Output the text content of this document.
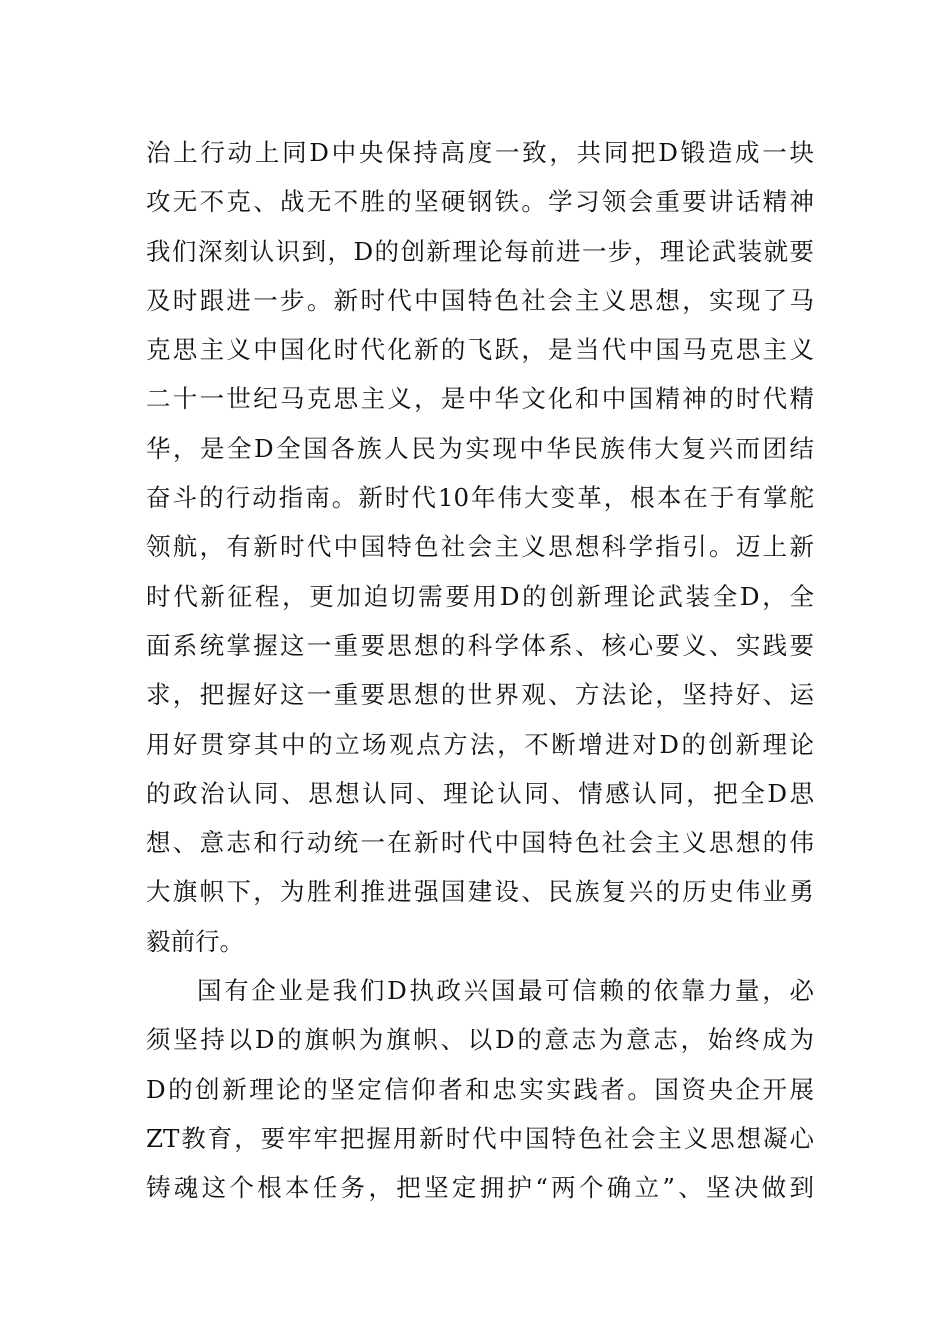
治上行动上同D中央保持高度一致，共同把D锻造成一块
攻无不克、战无不胜的坚硬钢铁。学习领会重要讲话精神
我们深刻认识到，D的创新理论每前进一步，理论武装就要
及时跟进一步。新时代中国特色社会主义思想，实现了马
克思主义中国化时代化新的飞跃，是当代中国马克思主义
二十一世纪马克思主义，是中华文化和中国精神的时代精
华，是全D全国各族人民为实现中华民族伟大复兴而团结
奋斗的行动指南。新时代10年伟大变革，根本在于有掌舵
领航，有新时代中国特色社会主义思想科学指引。迈上新
时代新征程，更加迫切需要用D的创新理论武装全D，全
面系统掌握这一重要思想的科学体系、核心要义、实践要
求，把握好这一重要思想的世界观、方法论，坚持好、运
用好贯穿其中的立场观点方法，不断增进对D的创新理论
的政治认同、思想认同、理论认同、情感认同，把全D思
想、意志和行动统一在新时代中国特色社会主义思想的伟
大旗帜下，为胜利推进强国建设、民族复兴的历史伟业勇
毅前行。

国有企业是我们D执政兴国最可信赖的依靠力量，必
须坚持以D的旗帜为旗帜、以D的意志为意志，始终成为
D的创新理论的坚定信仰者和忠实实践者。国资央企开展
ZT教育，要牢牢把握用新时代中国特色社会主义思想凝心
铸魂这个根本任务，把坚定拥护“两个确立”、坚决做到
